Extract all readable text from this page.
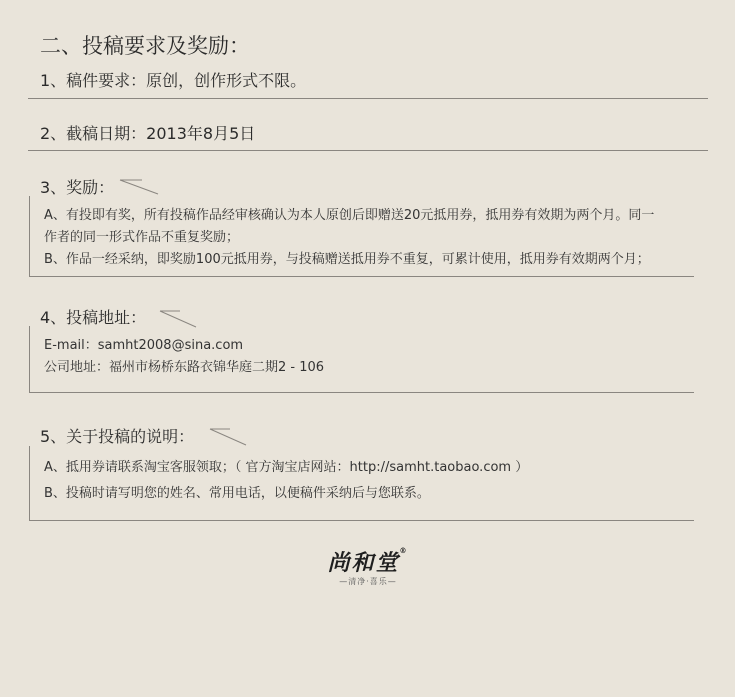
二、投稿要求及奖励：
1、稿件要求：原创，创作形式不限。
2、截稿日期：2013年8月5日
3、奖励：

A、有投即有奖，所有投稿作品经审核确认为本人原创后即赠送20元抵用券，抵用券有效期为两个月。同一

作者的同一形式作品不重复奖励；

B、作品一经采纳，即奖励100元抵用券，与投稿赠送抵用券不重复，可累计使用，抵用券有效期两个月；

4、投稿地址：

E-mail：samht2008@sina.com

公司地址：福州市杨桥东路衣锦华庭二期2 - 106

5、关于投稿的说明：

A、抵用券请联系淘宝客服领取；（ 官方淘宝店网站：http://samht.taobao.com ）

B、投稿时请写明您的姓名、常用电话，以便稿件采纳后与您联系。

尚和堂®
—清净·喜乐—
